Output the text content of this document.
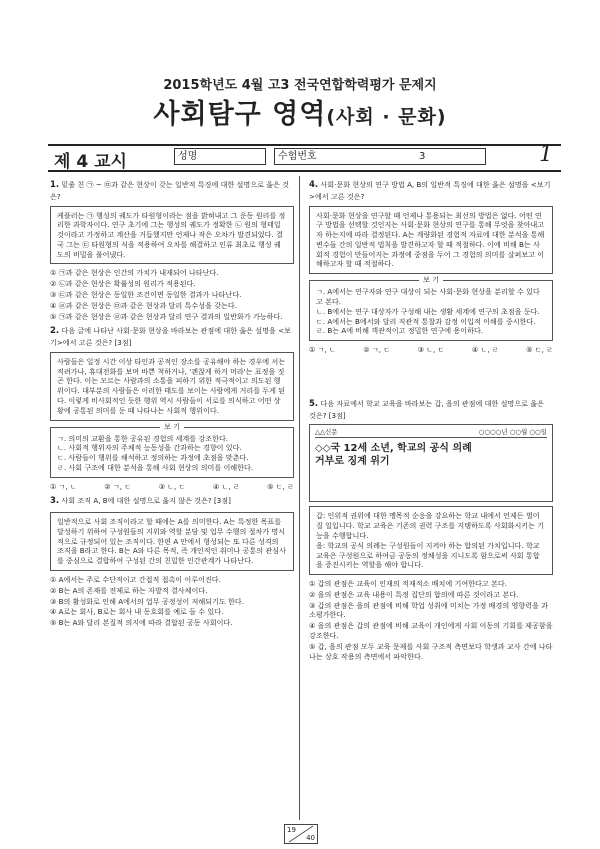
2015학년도 4월 고3 전국연합학력평가 문제지
사회탐구 영역(사회 · 문화)
제 4 교시	성명	수험번호	3	1
1. 밑줄 친 ㉠ ~ ㉤과 같은 현상이 갖는 일반적 특징에 대한 설명으로 옳은 것은?
케플러는 ㉠ 행성의 궤도가 타원형이라는 점을 밝혀내고 그 운동 원리를 정리한 과학자이다. 연구 초기에 그는 행성의 궤도가 정확한 ㉡ 원의 형태일 것이라고 가정하고 계산을 거듭했지만 언제나 작은 오차가 발견되었다. 결국 그는 ㉢ 타원형의 식을 적용하여 오차를 해결하고 인류 최초로 행성 궤도의 비밀을 풀어냈다.
① ㉠과 같은 현상은 인간의 가치가 내재되어 나타난다.
② ㉡과 같은 현상은 확률성의 원리가 적용된다.
③ ㉢과 같은 현상은 동일한 조건이면 동일한 결과가 나타난다.
④ ㉣과 같은 현상은 ㉤과 같은 현상과 달리 특수성을 갖는다.
⑤ ㉠과 같은 현상은 ㉣과 같은 현상과 달리 연구 결과의 일반화가 가능하다.
2. 다음 글에 나타난 사회·문화 현상을 바라보는 관점에 대한 옳은 설명을 <보기>에서 고른 것은? [3점]
사람들은 일정 시간 이상 타인과 공적인 장소를 공유해야 하는 경우에 서는 적려가나, 휴대전화를 보며 바쁜 척하거나, '괜찮게 하거 머라'는 표정을 짓곤 한다. 이는 모르는 사람과의 소통을 피하기 위한 적극적이고 의도된 행위이다. 대부분의 사람들은 이러한 태도를 보이는 사람에게 거리를 두게 된다. 이렇게 비사회적인 듯한 행위 역시 사람들이 서로를 의식하고 어떤 상황에 공통된 의미를 둔 때 나타나는 사회적 행위이다.
보 기
ㄱ. 의미의 교환을 통한 공유된 경험의 세계를 강조한다.
ㄴ. 사회적 행위자의 주체적 능동성을 간과하는 경향이 있다.
ㄷ. 사람들이 행위를 해석하고 정의하는 과정에 초점을 맞춘다.
ㄹ. 사회 구조에 대한 분석을 통해 사회 현상의 의미를 이해한다.
① ㄱ, ㄴ	② ㄱ, ㄷ	③ ㄴ, ㄷ	④ ㄴ, ㄹ	⑤ ㄷ, ㄹ
3. 사회 조직 A, B에 대한 설명으로 옳지 않은 것은? [3점]
일반적으로 사회 조직이라고 할 때에는 A를 의미한다. A는 특정한 목표를 달성하기 위하여 구성원들의 지위와 역할 분담 및 업무 수행의 절차가 명시적으로 규정되어 있는 조직이다. 한편 A 안에서 형성되는 또 다른 성격의 조직을 B라고 한다. B는 A와 다른 목적, 즉 개인적인 취미나 공통의 관심사를 중심으로 결합하여 구성된 간의 친밀한 인간관계가 나타난다.
① A에서는 주로 수단적이고 간접적 접촉이 이루어진다.
② B는 A의 존재를 전제로 하는 자발적 결사체이다.
③ B의 활성화로 인해 A에서의 업무 공정성이 저해되기도 한다.
④ A로는 회사, B로는 회사 내 동호회를 예로 들 수 있다.
⑤ B는 A와 달리 본질적 의지에 따라 결합된 공동 사회이다.
4. 사회·문화 현상의 연구 방법 A, B의 일반적 특징에 대한 옳은 설명을 <보기>에서 고른 것은?
사회·문화 현상을 연구할 때 언제나 통용되는 최선의 방법은 없다. 어떤 연구 방법을 선택할 것인지는 사회·문화 현상의 연구를 통해 무엇을 찾아내고자 하는지에 따라 결정된다. A는 계량화된 경험적 자료에 대한 분석을 통해 변수들 간의 일반적 법칙을 발견하고자 할 때 적절하다. 이에 비해 B는 사회적 경험이 만들어지는 과정에 중점을 두어 그 경험의 의미를 살펴보고 이해하고자 할 때 적절하다.
보 기
ㄱ. A에서는 연구자와 연구 대상이 되는 사회·문화 현상을 분리할 수 있다고 본다.
ㄴ. B에서는 연구 대상자가 구성해 내는 생활 세계에 연구의 초점을 둔다.
ㄷ. A에서는 B에서와 달리 직관적 통찰과 감정 이입적 이해를 중시한다.
ㄹ. B는 A에 비해 객관적이고 정밀한 연구에 용이하다.
① ㄱ, ㄴ	② ㄱ, ㄷ	③ ㄴ, ㄷ	④ ㄴ, ㄹ	⑤ ㄷ, ㄹ
5. 다음 자료에서 학교 교육을 바라보는 갑, 을의 관점에 대한 설명으로 옳은 것은? [3점]
△△신문	○○○○년 ○○월 ○○일
◇◇국 12세 소년, 학교의 공식 의례
거부로 징계 위기
갑: 인위적 권위에 대한 맹목적 순응을 강요하는 학교 내에서 언제든 벌어질 일입니다. 학교 교육은 기존의 권력 구조를 지탱하도록 사회화시키는 기능을 수행합니다.
을: 학교의 공식 의례는 구성원들이 지켜야 하는 합의된 가치입니다. 학교 교육은 구성원으로 하여금 공동의 정체성을 지니도록 함으로써 사회 통합을 증진시키는 역할을 해야 합니다.
① 갑의 관점은 교육이 인재의 적재적소 배치에 기여한다고 본다.
② 을의 관점은 교육 내용이 특정 집단의 합의에 따른 것이라고 본다.
③ 갑의 관점은 을의 관점에 비해 학업 성취에 미치는 가정 배경의 영향력을 과소평가한다.
④ 을의 관점은 갑의 관점에 비해 교육이 개인에게 사회 이동의 기회를 제공함을 강조한다.
⑤ 갑, 을의 관점 모두 교육 문제를 사회 구조적 측면보다 학생과 교사 간에 나타나는 상호 작용의 측면에서 파악한다.
19
40
